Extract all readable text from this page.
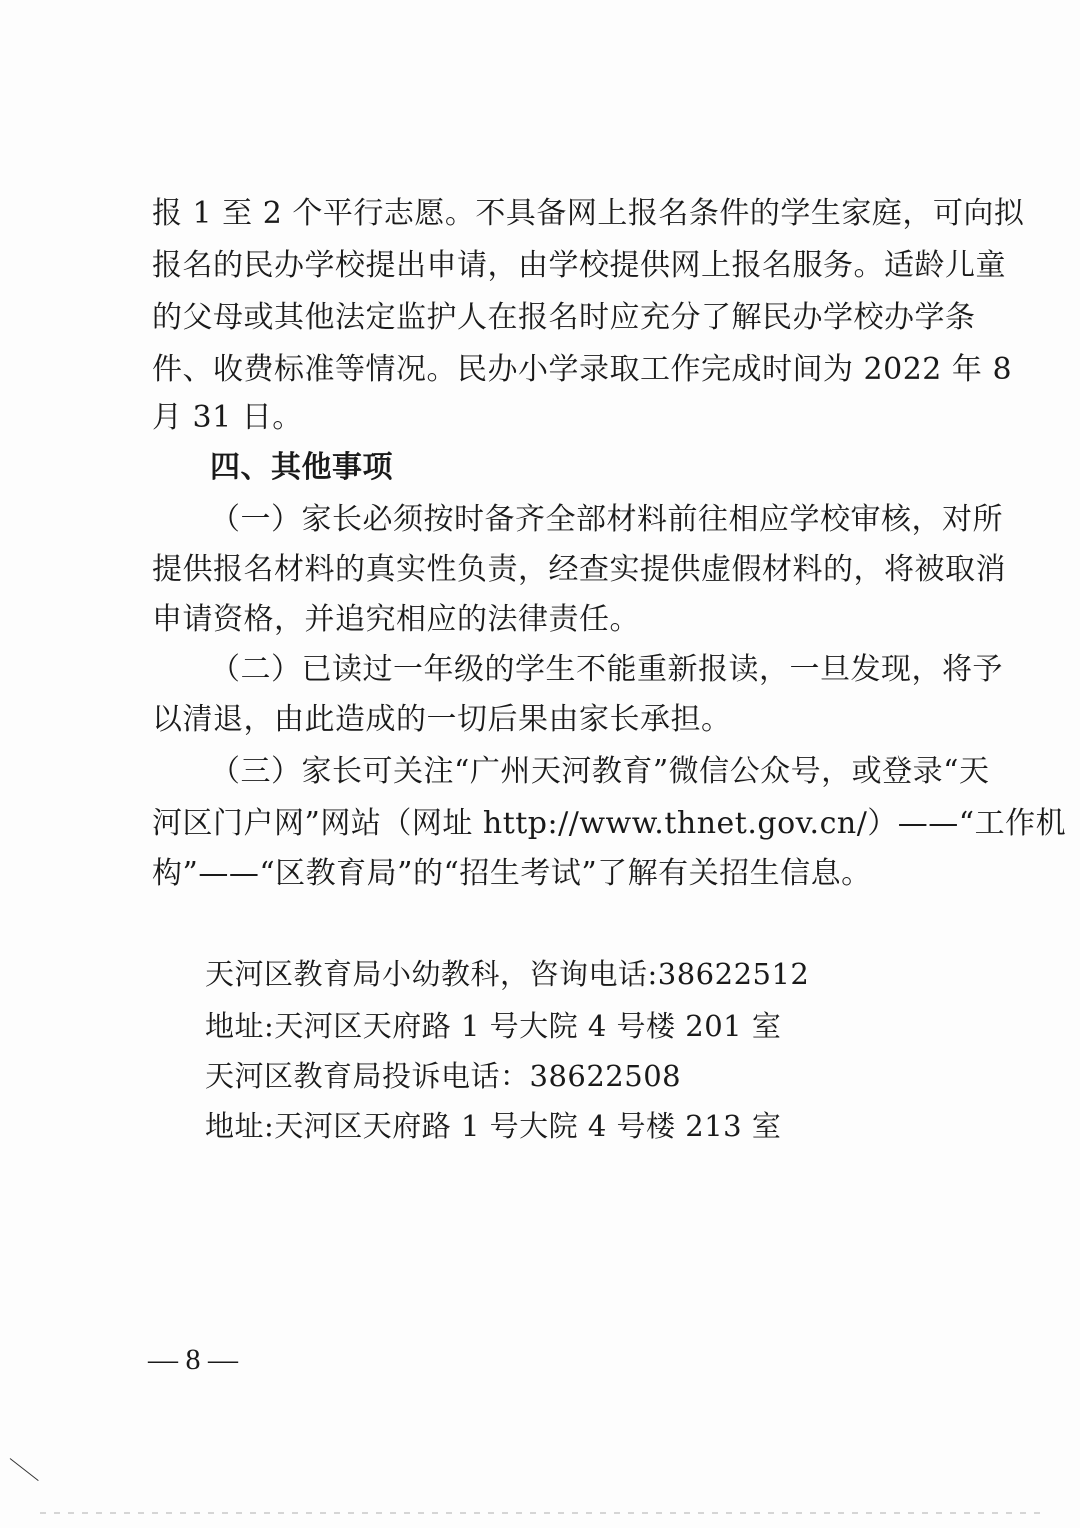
报 1 至 2 个平行志愿。不具备网上报名条件的学生家庭，可向拟
报名的民办学校提出申请，由学校提供网上报名服务。适龄儿童
的父母或其他法定监护人在报名时应充分了解民办学校办学条
件、收费标准等情况。民办小学录取工作完成时间为 2022 年 8
月 31 日。
四、其他事项
（一）家长必须按时备齐全部材料前往相应学校审核，对所
提供报名材料的真实性负责，经查实提供虚假材料的，将被取消
申请资格，并追究相应的法律责任。
（二）已读过一年级的学生不能重新报读，一旦发现，将予
以清退，由此造成的一切后果由家长承担。
（三）家长可关注“广州天河教育”微信公众号，或登录“天
河区门户网”网站（网址 http://www.thnet.gov.cn/）——“工作机
构”——“区教育局”的“招生考试”了解有关招生信息。
天河区教育局小幼教科，咨询电话:38622512
地址:天河区天府路 1 号大院 4 号楼 201 室
天河区教育局投诉电话：38622508
地址:天河区天府路 1 号大院 4 号楼 213 室
— 8 —
